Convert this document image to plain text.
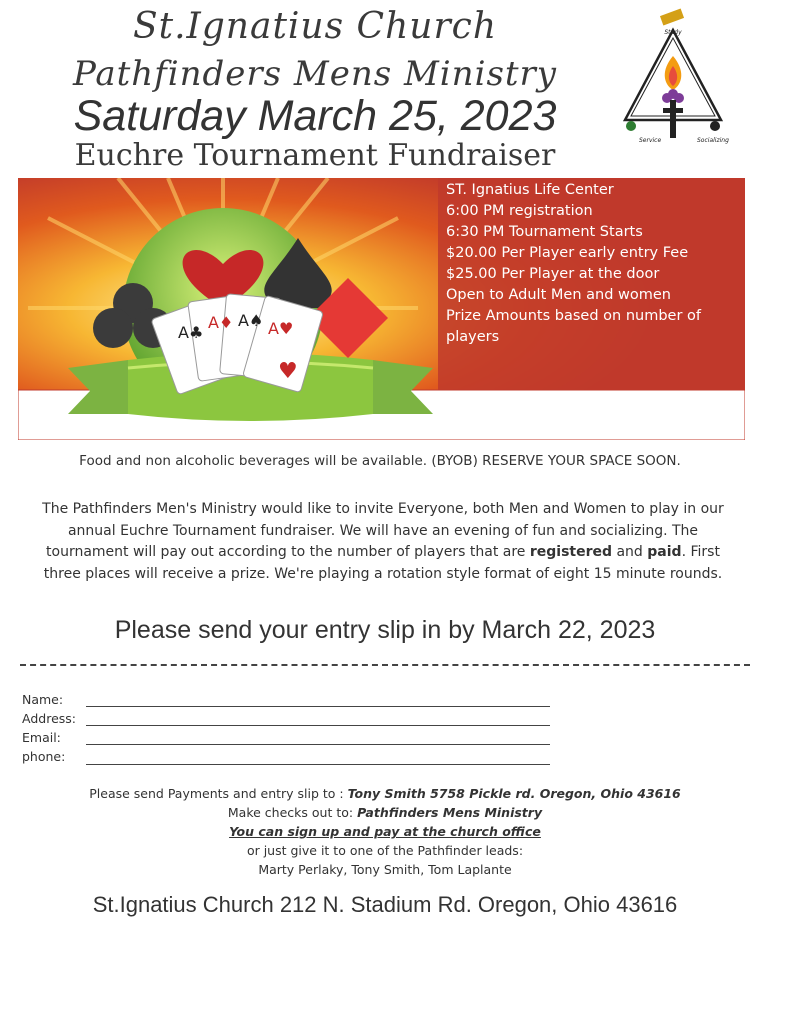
St.Ignatius Church
Pathfinders Mens Ministry
Saturday March 25, 2023
Euchre Tournament Fundraiser
Study
Service	Socializing
A♣
A♦ A♠ A♥
♥
ST. Ignatius Life Center
6:00 PM registration
6:30 PM Tournament Starts
$20.00 Per Player early entry Fee
$25.00 Per Player at the door
Open to Adult Men and women
Prize Amounts based on number of players
Food and non alcoholic beverages will be available. (BYOB) RESERVE YOUR SPACE SOON.
The Pathfinders Men's Ministry would like to invite Everyone, both Men and Women to play in our annual Euchre Tournament fundraiser. We will have an evening of fun and socializing. The tournament will pay out according to the number of players that are registered and paid. First three places will receive a prize. We're playing a rotation style format of eight 15 minute rounds.
Please send your entry slip in by March 22, 2023
Name:
Address:
Email:
phone:
Please send Payments and entry slip to : Tony Smith 5758 Pickle rd. Oregon, Ohio 43616
Make checks out to: Pathfinders Mens Ministry
You can sign up and pay at the church office
or just give it to one of the Pathfinder leads:
Marty Perlaky, Tony Smith, Tom Laplante
St.Ignatius Church 212 N. Stadium Rd. Oregon, Ohio 43616
